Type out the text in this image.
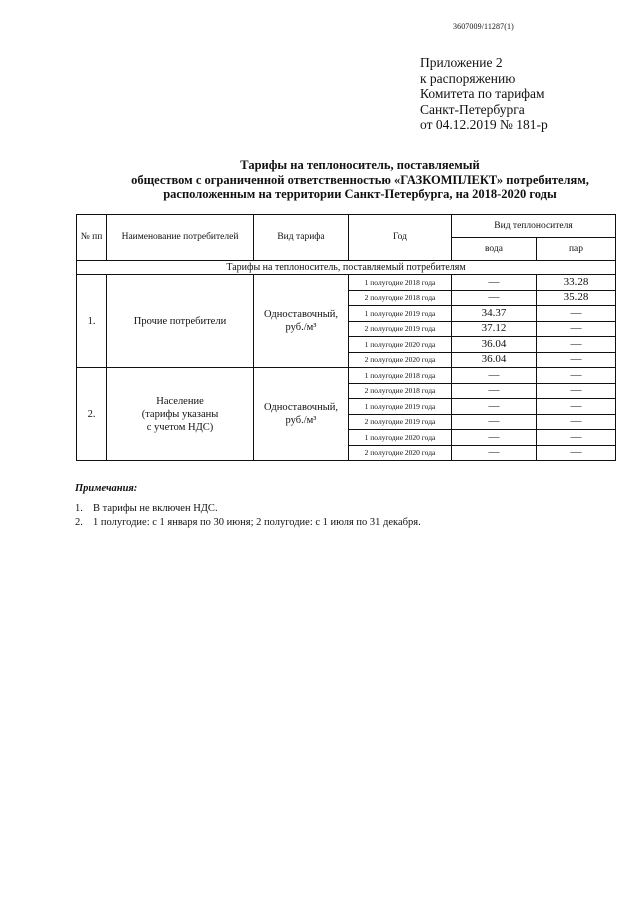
3607009/11287(1)
Приложение 2
к распоряжению
Комитета по тарифам
Санкт-Петербурга
от 04.12.2019 № 181-р
Тарифы на теплоноситель, поставляемый
обществом с ограниченной ответственностью «ГАЗКОМПЛЕКТ» потребителям,
расположенным на территории Санкт-Петербурга, на 2018-2020 годы
№ пп	Наименование потребителей	Вид тарифа	Год	Вид теплоносителя	
				вода	пар
Тарифы на теплоноситель, поставляемый потребителям					
1.	Прочие потребители	Одноставочный, руб./м³	1 полугодие 2018 года	—	33.28
			2 полугодие 2018 года	—	35.28
			1 полугодие 2019 года	34.37	—
			2 полугодие 2019 года	37.12	—
			1 полугодие 2020 года	36.04	—
			2 полугодие 2020 года	36.04	—
2.	Население
(тарифы указаны
с учетом НДС)	Одноставочный, руб./м³	1 полугодие 2018 года	—	—
			2 полугодие 2018 года	—	—
			1 полугодие 2019 года	—	—
			2 полугодие 2019 года	—	—
			1 полугодие 2020 года	—	—
			2 полугодие 2020 года	—	—
Примечания:
1. В тарифы не включен НДС.
2. 1 полугодие: с 1 января по 30 июня; 2 полугодие: с 1 июля по 31 декабря.
